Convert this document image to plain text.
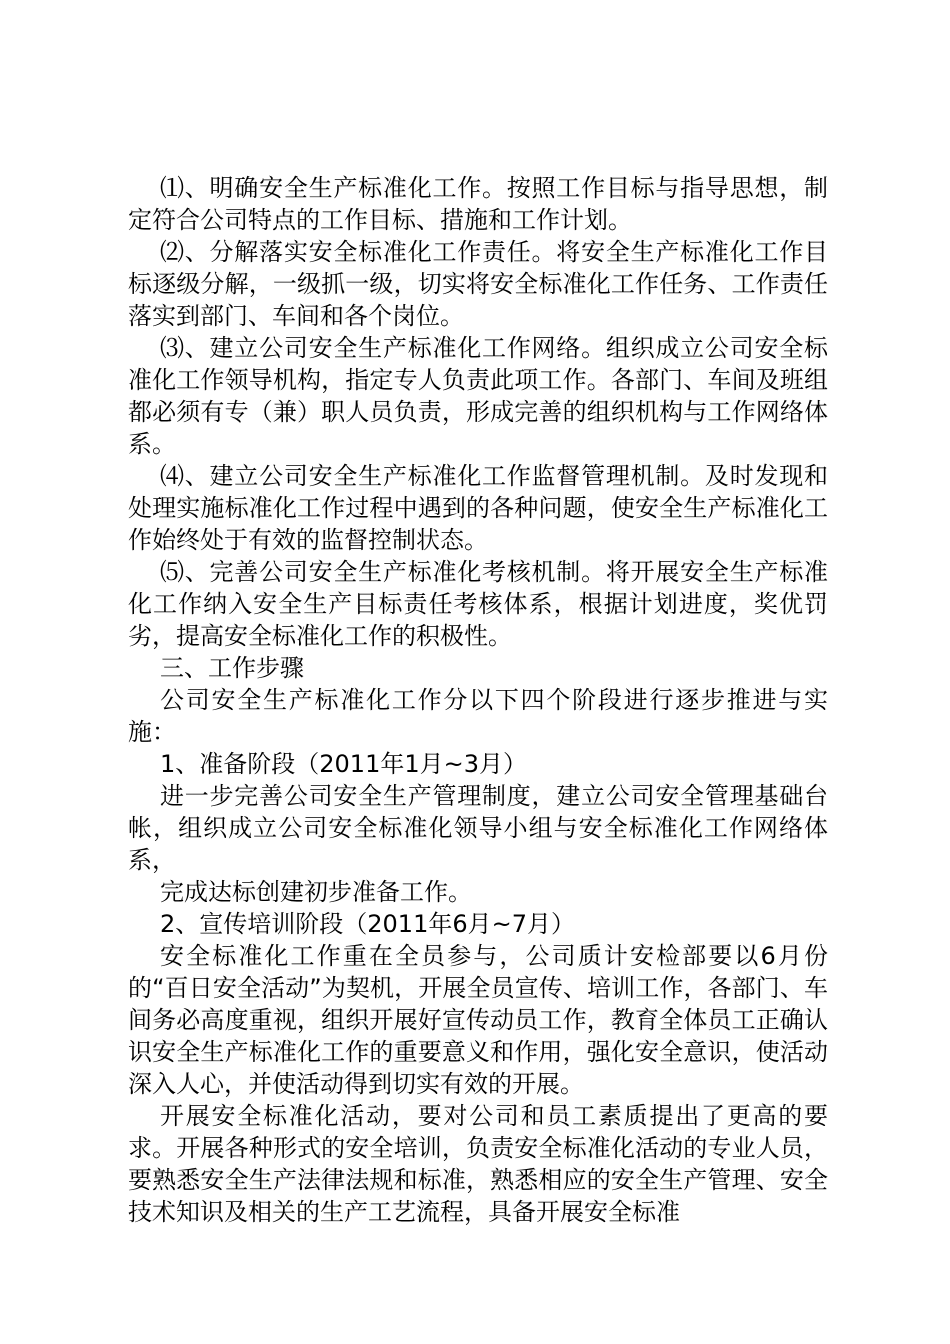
⑴、明确安全生产标准化工作。按照工作目标与指导思想，制定符合公司特点的工作目标、措施和工作计划。

⑵、分解落实安全标准化工作责任。将安全生产标准化工作目标逐级分解，一级抓一级，切实将安全标准化工作任务、工作责任落实到部门、车间和各个岗位。

⑶、建立公司安全生产标准化工作网络。组织成立公司安全标准化工作领导机构，指定专人负责此项工作。各部门、车间及班组都必须有专（兼）职人员负责，形成完善的组织机构与工作网络体系。

⑷、建立公司安全生产标准化工作监督管理机制。及时发现和处理实施标准化工作过程中遇到的各种问题，使安全生产标准化工作始终处于有效的监督控制状态。

⑸、完善公司安全生产标准化考核机制。将开展安全生产标准化工作纳入安全生产目标责任考核体系，根据计划进度，奖优罚劣，提高安全标准化工作的积极性。

三、工作步骤

公司安全生产标准化工作分以下四个阶段进行逐步推进与实施：

1、准备阶段（2011年1月~3月）

进一步完善公司安全生产管理制度，建立公司安全管理基础台帐，组织成立公司安全标准化领导小组与安全标准化工作网络体系，

完成达标创建初步准备工作。

2、宣传培训阶段（2011年6月~7月）

安全标准化工作重在全员参与，公司质计安检部要以6月份的“百日安全活动”为契机，开展全员宣传、培训工作，各部门、车间务必高度重视，组织开展好宣传动员工作，教育全体员工正确认识安全生产标准化工作的重要意义和作用，强化安全意识，使活动深入人心，并使活动得到切实有效的开展。

开展安全标准化活动，要对公司和员工素质提出了更高的要求。开展各种形式的安全培训，负责安全标准化活动的专业人员，要熟悉安全生产法律法规和标准，熟悉相应的安全生产管理、安全技术知识及相关的生产工艺流程，具备开展安全标准
